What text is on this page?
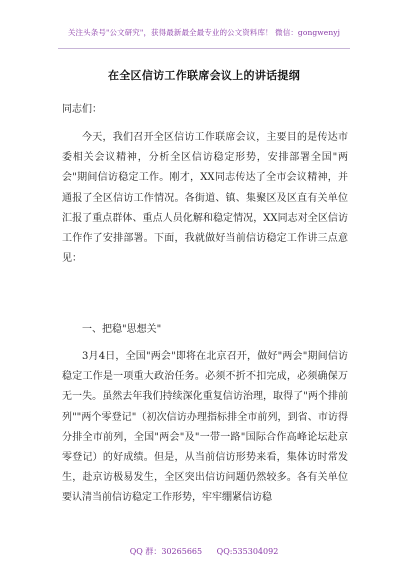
关注头条号"公文研究"，获得最新最全最专业的公文资料库！ 微信：gongwenyj
在全区信访工作联席会议上的讲话提纲
同志们：

今天，我们召开全区信访工作联席会议，主要目的是传达市委相关会议精神，分析全区信访稳定形势，安排部署全国"两会"期间信访稳定工作。刚才，XX同志传达了全市会议精神，并通报了全区信访工作情况。各街道、镇、集聚区及区直有关单位汇报了重点群体、重点人员化解和稳定情况，XX同志对全区信访工作作了安排部署。下面，我就做好当前信访稳定工作讲三点意见：

一、把稳"思想关"

3月4日，全国"两会"即将在北京召开，做好"两会"期间信访稳定工作是一项重大政治任务。必须不折不扣完成，必须确保万无一失。虽然去年我们持续深化重复信访治理，取得了"两个排前列""两个零登记"（初次信访办理指标排全市前列，到省、市访得分排全市前列，全国"两会"及"一带一路"国际合作高峰论坛赴京零登记）的好成绩。但是，从当前信访形势来看，集体访时常发生，赴京访极易发生，全区突出信访问题仍然较多。各有关单位要认清当前信访稳定工作形势，牢牢绷紧信访稳

QQ 群：30265665 QQ:535304092
